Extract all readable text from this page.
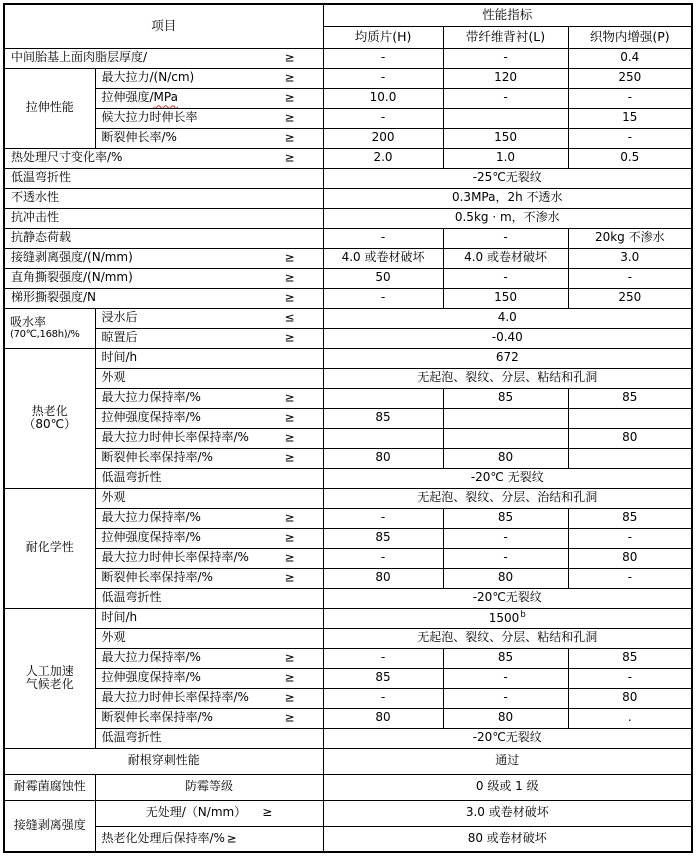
项目		性能指标		
		均质片(H)	带纤维背衬(L)	织物内增强(P)
中间胎基上面肉脂层厚度/ ≥		-	-	0.4
拉伸性能	最大拉力/(N/cm) ≥	-	120	250
	拉伸强度/MPa ≥	10.0	-	-
	候大拉力时伸长率 ≥	-		15
	断裂伸长率/% ≥	200	150	-
热处理尺寸变化率/% ≥		2.0	1.0	0.5
低温弯折性		-25℃无裂纹		
不透水性		0.3MPa，2h 不透水		
抗冲击性		0.5kg · m，不渗水		
抗静态荷载		-	-	20kg 不渗水
接缝剥离强度/(N/mm) ≥		4.0 或卷材破坏	4.0 或卷材破坏	3.0
直角撕裂强度/(N/mm) ≥		50	-	-
梯形撕裂强度/N ≥		-	150	250

吸水率
(70℃,168h)/%	浸水后 ≤	4.0		
	晾置后 ≥	-0.40		

热老化
（80℃）	时间/h	672		
	外观	无起泡、裂纹、分层、粘结和孔洞		
	最大拉力保持率/% ≥		85	85
	拉伸强度保持率/% ≥	85		
	最大拉力时伸长率保持率/% ≥			80
	断裂伸长率保持率/% ≥	80	80	
	低温弯折性	-20℃ 无裂纹		
耐化学性	外观	无起泡、裂纹、分层、治结和孔洞		
	最大拉力保持率/% ≥	-	85	85
	拉伸强度保持率/% ≥	85	-	-
	最大拉力时伸长率保持率/% ≥	-	-	80
	断裂伸长率保持率/% ≥	80	80	-
	低温弯折性	-20℃无裂纹		

人工加速
气候老化	时间/h	1500$^b$
	外观	无起泡、裂纹、分层、粘结和孔洞		
	最大拉力保持率/% ≥	-	85	85
	拉伸强度保持率/% ≥	85	-	-
	最大拉力时伸长率保持率/% ≥	-	-	80
	断裂伸长率保持率/% ≥	80	80	.
	低温弯折性	-20℃无裂纹		
耐根穿刺性能		通过		
耐霉菌腐蚀性	防霉等级	0 级或 1 级		
接缝剥离强度	无处理/（N/mm） ≥	3.0 或卷材破坏		
	热老化处理后保持率/% ≥	80 或卷材破坏		
